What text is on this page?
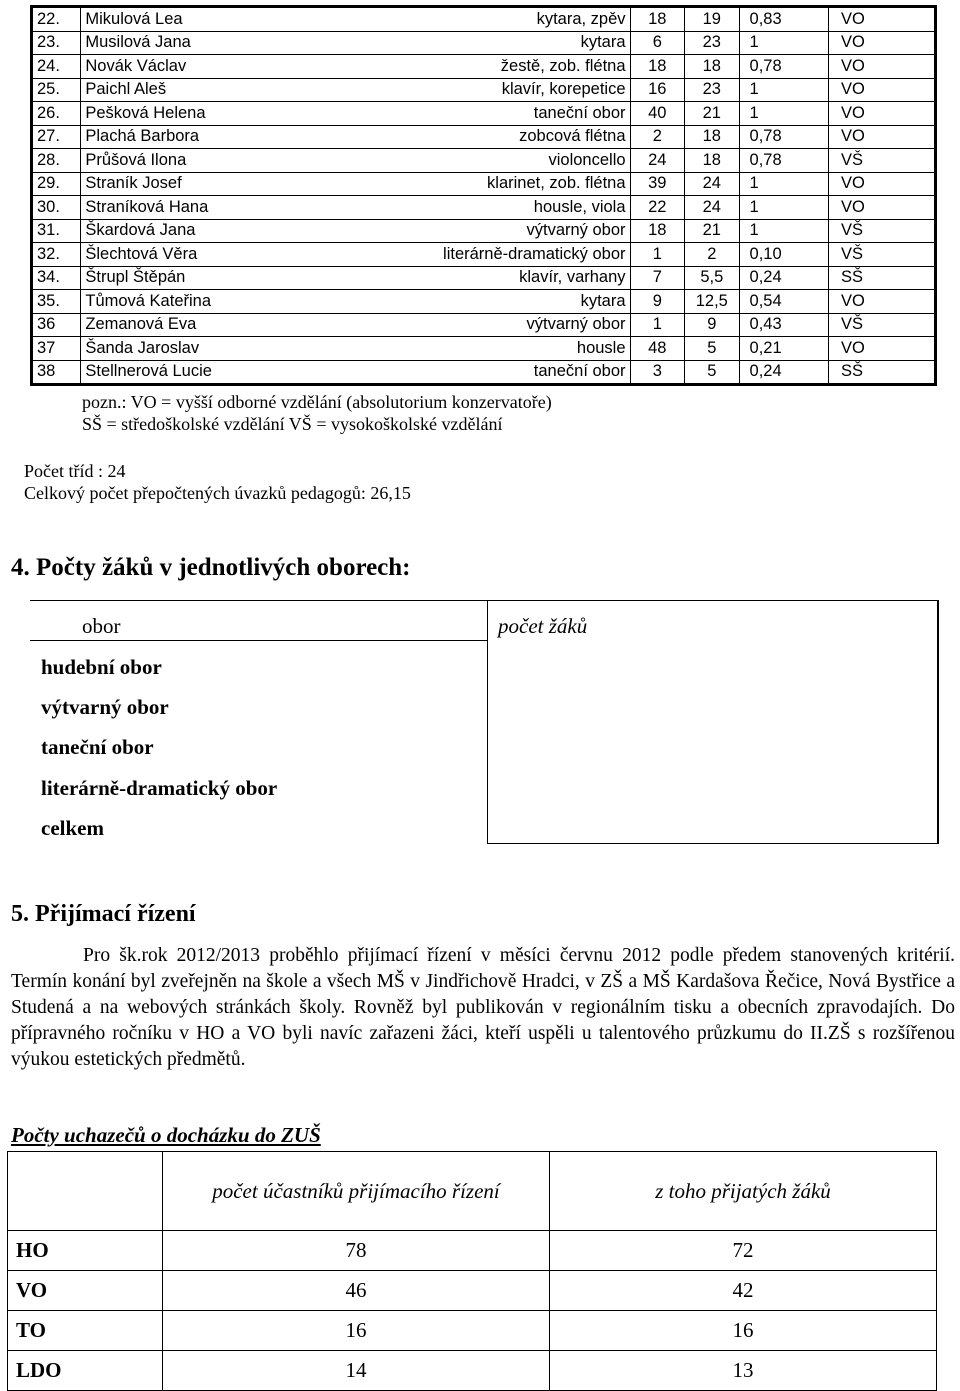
22.	Mikulová Lea	kytara, zpěv	18	19	0,83	VO
23.	Musilová Jana	kytara	6	23	1	VO
24.	Novák Václav	žestě, zob. flétna	18	18	0,78	VO
25.	Paichl Aleš	klavír, korepetice	16	23	1	VO
26.	Pešková Helena	taneční obor	40	21	1	VO
27.	Plachá Barbora	zobcová flétna	2	18	0,78	VO
28.	Průšová Ilona	violoncello	24	18	0,78	VŠ
29.	Straník Josef	klarinet, zob. flétna	39	24	1	VO
30.	Straníková Hana	housle, viola	22	24	1	VO
31.	Škardová Jana	výtvarný obor	18	21	1	VŠ
32.	Šlechtová Věra	literárně-dramatický obor	1	2	0,10	VŠ
34.	Štrupl Štěpán	klavír, varhany	7	5,5	0,24	SŠ
35.	Tůmová Kateřina	kytara	9	12,5	0,54	VO
36	Zemanová Eva	výtvarný obor	1	9	0,43	VŠ
37	Šanda Jaroslav	housle	48	5	0,21	VO
38	Stellnerová Lucie	taneční obor	3	5	0,24	SŠ
pozn.: VO = vyšší odborné vzdělání (absolutorium konzervatoře)
SŠ = středoškolské vzdělání VŠ = vysokoškolské vzdělání
Počet tříd : 24
Celkový počet přepočtených úvazků pedagogů: 26,15
4. Počty žáků v jednotlivých oborech:
obor	počet žáků
hudební obor
výtvarný obor
taneční obor
literárně-dramatický obor
celkem
5. Přijímací řízení

Pro šk.rok 2012/2013 proběhlo přijímací řízení v měsíci červnu 2012 podle předem stanovených kritérií. Termín konání byl zveřejněn na škole a všech MŠ v Jindřichově Hradci, v ZŠ a MŠ Kardašova Řečice, Nová Bystřice a Studená a na webových stránkách školy. Rovněž byl publikován v regionálním tisku a obecních zpravodajích. Do přípravného ročníku v HO a VO byli navíc zařazeni žáci, kteří uspěli u talentového průzkumu do II.ZŠ s rozšířenou výukou estetických předmětů.

Počty uchazečů o docházku do ZUŠ
	počet účastníků přijímacího řízení	z toho přijatých žáků
HO	78	72
VO	46	42
TO	16	16
LDO	14	13
